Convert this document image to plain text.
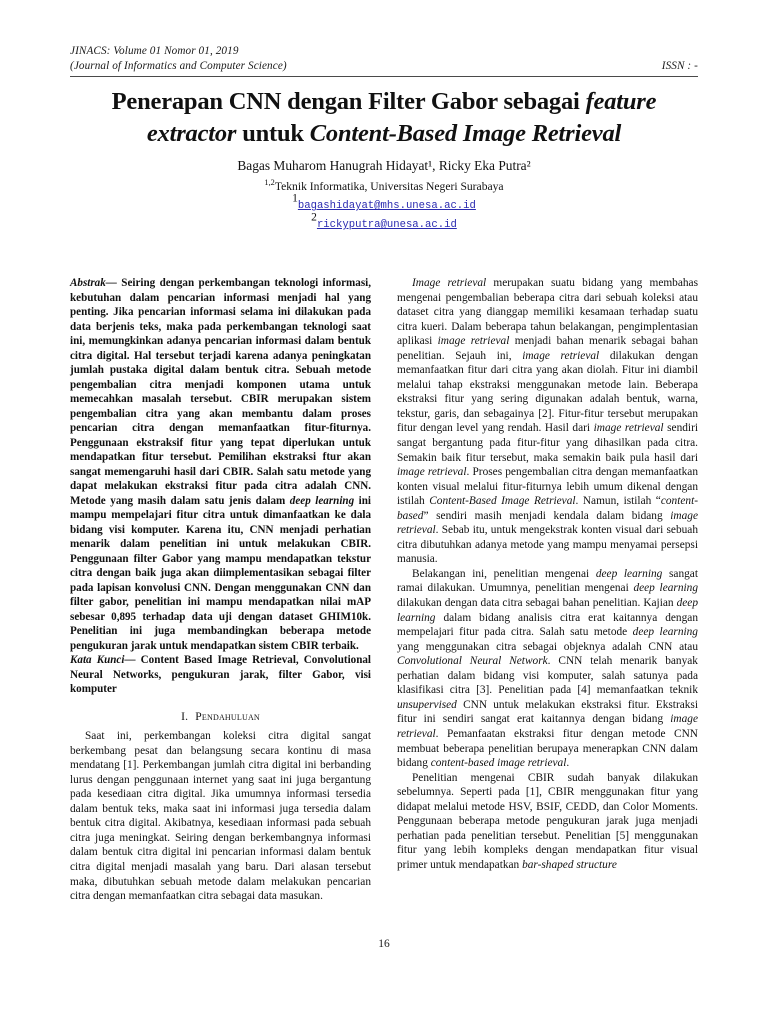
JINACS: Volume 01 Nomor 01, 2019
(Journal of Informatics and Computer Science)	ISSN : -
Penerapan CNN dengan Filter Gabor sebagai feature extractor untuk Content-Based Image Retrieval
Bagas Muharom Hanugrah Hidayat¹, Ricky Eka Putra²
$^{1,2}$Teknik Informatika, Universitas Negeri Surabaya
$^1$bagashidayat@mhs.unesa.ac.id
$^2$rickyputra@unesa.ac.id

Abstrak— Seiring dengan perkembangan teknologi informasi, kebutuhan dalam pencarian informasi menjadi hal yang penting. Jika pencarian informasi selama ini dilakukan pada data berjenis teks, maka pada perkembangan teknologi saat ini, memungkinkan adanya pencarian informasi dalam bentuk citra digital. Hal tersebut terjadi karena adanya peningkatan jumlah pustaka digital dalam bentuk citra. Sebuah metode pengembalian citra menjadi komponen utama untuk memecahkan masalah tersebut. CBIR merupakan sistem pengembalian citra yang akan membantu dalam proses pencarian citra dengan memanfaatkan fitur-fiturnya. Penggunaan ekstraksif fitur yang tepat diperlukan untuk mendapatkan fitur tersebut. Pemilihan ekstraksi ftur akan sangat memengaruhi hasil dari CBIR. Salah satu metode yang dapat melakukan ekstraksi fitur pada citra adalah CNN. Metode yang masih dalam satu jenis dalam deep learning ini mampu mempelajari fitur citra untuk dimanfaatkan ke dala bidang visi komputer. Karena itu, CNN menjadi perhatian menarik dalam penelitian ini untuk melakukan CBIR. Penggunaan filter Gabor yang mampu mendapatkan tekstur citra dengan baik juga akan diimplementasikan sebagai filter pada lapisan konvolusi CNN. Dengan menggunakan CNN dan filter gabor, penelitian ini mampu mendapatkan nilai mAP sebesar 0,895 terhadap data uji dengan dataset GHIM10k. Penelitian ini juga membandingkan beberapa metode pengukuran jarak untuk mendapatkan sistem CBIR terbaik.

Kata Kunci— Content Based Image Retrieval, Convolutional Neural Networks, pengukuran jarak, filter Gabor, visi komputer

I. Pendahuluan

Saat ini, perkembangan koleksi citra digital sangat berkembang pesat dan belangsung secara kontinu di masa mendatang [1]. Perkembangan jumlah citra digital ini berbanding lurus dengan penggunaan internet yang saat ini juga bergantung pada kesediaan citra digital. Jika umumnya informasi tersedia dalam bentuk teks, maka saat ini informasi juga tersedia dalam bentuk citra digital. Akibatnya, kesediaan informasi pada sebuah citra juga meningkat. Seiring dengan berkembangnya informasi dalam bentuk citra digital ini pencarian informasi dalam bentuk citra digital menjadi masalah yang baru. Dari alasan tersebut maka, dibutuhkan sebuah metode dalam melakukan pencarian citra dengan memanfaatkan citra sebagai data masukan.

Image retrieval merupakan suatu bidang yang membahas mengenai pengembalian beberapa citra dari sebuah koleksi atau dataset citra yang dianggap memiliki kesamaan terhadap suatu citra kueri. Dalam beberapa tahun belakangan, pengimplentasian aplikasi image retrieval menjadi bahan menarik sebagai bahan penelitian. Sejauh ini, image retrieval dilakukan dengan memanfaatkan fitur dari citra yang akan diolah. Fitur ini diambil melalui tahap ekstraksi menggunakan metode lain. Beberapa ekstraksi fitur yang sering digunakan adalah bentuk, warna, tekstur, garis, dan sebagainya [2]. Fitur-fitur tersebut merupakan fitur dengan level yang rendah. Hasil dari image retrieval sendiri sangat bergantung pada fitur-fitur yang dihasilkan pada citra. Semakin baik fitur tersebut, maka semakin baik pula hasil dari image retrieval. Proses pengembalian citra dengan memanfaatkan konten visual melalui fitur-fiturnya lebih umum dikenal dengan istilah Content-Based Image Retrieval. Namun, istilah “content-based” sendiri masih menjadi kendala dalam bidang image retrieval. Sebab itu, untuk mengekstrak konten visual dari sebuah citra dibutuhkan adanya metode yang mampu menyamai persepsi manusia.

Belakangan ini, penelitian mengenai deep learning sangat ramai dilakukan. Umumnya, penelitian mengenai deep learning dilakukan dengan data citra sebagai bahan penelitian. Kajian deep learning dalam bidang analisis citra erat kaitannya dengan mempelajari fitur pada citra. Salah satu metode deep learning yang menggunakan citra sebagai objeknya adalah CNN atau Convolutional Neural Network. CNN telah menarik banyak perhatian dalam bidang visi komputer, salah satunya pada klasifikasi citra [3]. Penelitian pada [4] memanfaatkan teknik unsupervised CNN untuk melakukan ekstraksi fitur. Ekstraksi fitur ini sendiri sangat erat kaitannya dengan bidang image retrieval. Pemanfaatan ekstraksi fitur dengan metode CNN membuat beberapa penelitian berupaya menerapkan CNN dalam bidang content-based image retrieval.

Penelitian mengenai CBIR sudah banyak dilakukan sebelumnya. Seperti pada [1], CBIR menggunakan fitur yang didapat melalui metode HSV, BSIF, CEDD, dan Color Moments. Penggunaan beberapa metode pengukuran jarak juga menjadi perhatian pada penelitian tersebut. Penelitian [5] menggunakan fitur yang lebih kompleks dengan mendapatkan fitur visual primer untuk mendapatkan bar-shaped structure

16
